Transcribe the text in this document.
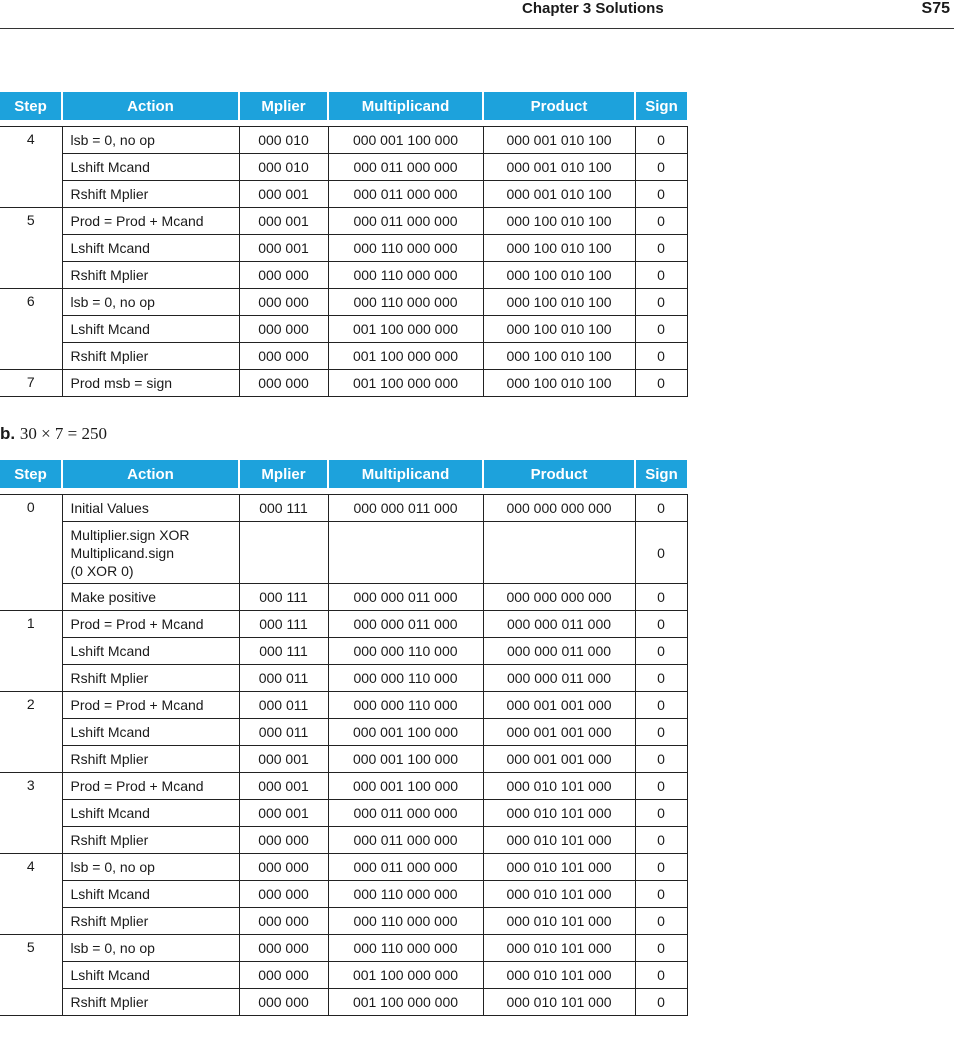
Chapter 3 Solutions	S75
Step	Action	Mplier	Multiplicand	Product	Sign

4	lsb = 0, no op	000 010	000 001 100 000	000 001 010 100	0
	Lshift Mcand	000 010	000 011 000 000	000 001 010 100	0
	Rshift Mplier	000 001	000 011 000 000	000 001 010 100	0
5	Prod = Prod + Mcand	000 001	000 011 000 000	000 100 010 100	0
	Lshift Mcand	000 001	000 110 000 000	000 100 010 100	0
	Rshift Mplier	000 000	000 110 000 000	000 100 010 100	0
6	lsb = 0, no op	000 000	000 110 000 000	000 100 010 100	0
	Lshift Mcand	000 000	001 100 000 000	000 100 010 100	0
	Rshift Mplier	000 000	001 100 000 000	000 100 010 100	0
7	Prod msb = sign	000 000	001 100 000 000	000 100 010 100	0
b. 30 × 7 = 250
Step	Action	Mplier	Multiplicand	Product	Sign

0	Initial Values	000 111	000 000 011 000	000 000 000 000	0
	Multiplier.sign XOR
Multiplicand.sign
(0 XOR 0)				0
	Make positive	000 111	000 000 011 000	000 000 000 000	0
1	Prod = Prod + Mcand	000 111	000 000 011 000	000 000 011 000	0
	Lshift Mcand	000 111	000 000 110 000	000 000 011 000	0
	Rshift Mplier	000 011	000 000 110 000	000 000 011 000	0
2	Prod = Prod + Mcand	000 011	000 000 110 000	000 001 001 000	0
	Lshift Mcand	000 011	000 001 100 000	000 001 001 000	0
	Rshift Mplier	000 001	000 001 100 000	000 001 001 000	0
3	Prod = Prod + Mcand	000 001	000 001 100 000	000 010 101 000	0
	Lshift Mcand	000 001	000 011 000 000	000 010 101 000	0
	Rshift Mplier	000 000	000 011 000 000	000 010 101 000	0
4	lsb = 0, no op	000 000	000 011 000 000	000 010 101 000	0
	Lshift Mcand	000 000	000 110 000 000	000 010 101 000	0
	Rshift Mplier	000 000	000 110 000 000	000 010 101 000	0
5	lsb = 0, no op	000 000	000 110 000 000	000 010 101 000	0
	Lshift Mcand	000 000	001 100 000 000	000 010 101 000	0
	Rshift Mplier	000 000	001 100 000 000	000 010 101 000	0
